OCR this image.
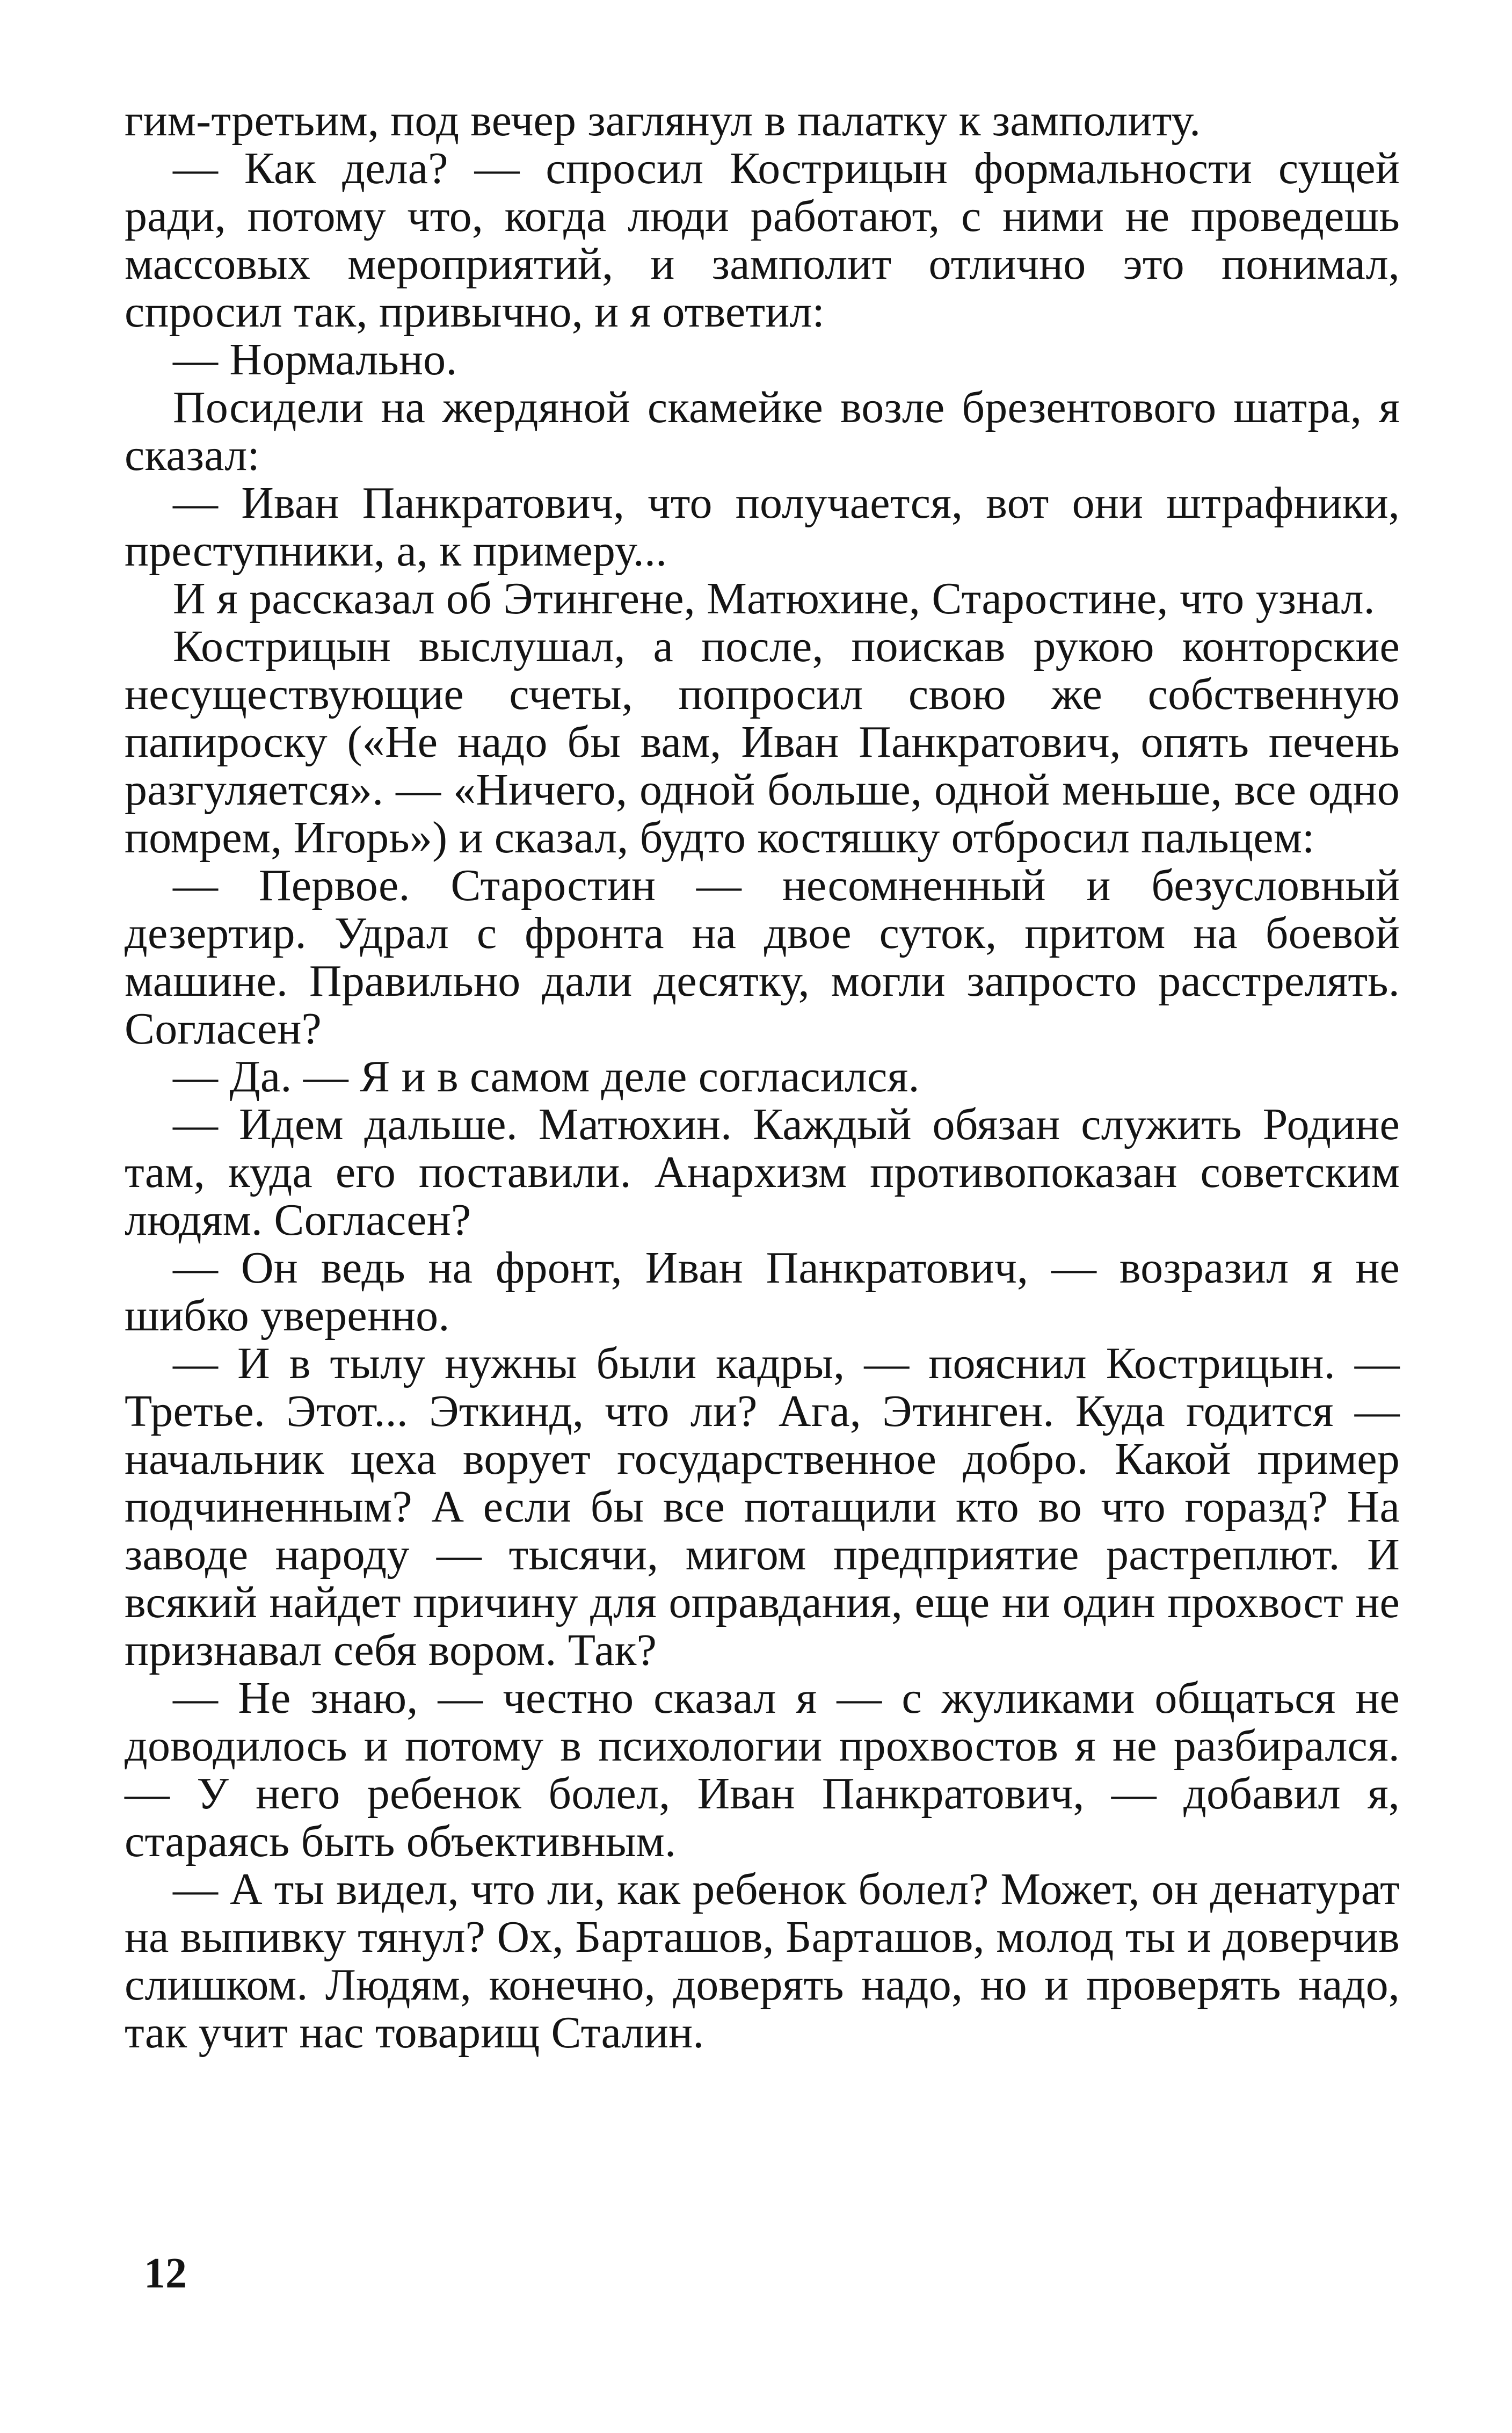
гим-третьим, под вечер заглянул в палатку к замполиту.

— Как дела? — спросил Кострицын формальности сущей ради, потому что, когда люди работают, с ними не проведешь массовых мероприятий, и замполит отлично это понимал, спросил так, привычно, и я ответил:

— Нормально.

Посидели на жердяной скамейке возле брезентового шатра, я сказал:

— Иван Панкратович, что получается, вот они штрафники, преступники, а, к примеру...

И я рассказал об Этингене, Матюхине, Старостине, что узнал.

Кострицын выслушал, а после, поискав рукою конторские несуществующие счеты, попросил свою же собственную папироску («Не надо бы вам, Иван Панкратович, опять печень разгуляется». — «Ничего, одной больше, одной меньше, все одно помрем, Игорь») и сказал, будто костяшку отбросил пальцем:

— Первое. Старостин — несомненный и безусловный дезертир. Удрал с фронта на двое суток, притом на боевой машине. Правильно дали десятку, могли запросто расстрелять. Согласен?

— Да. — Я и в самом деле согласился.

— Идем дальше. Матюхин. Каждый обязан служить Родине там, куда его поставили. Анархизм противопоказан советским людям. Согласен?

— Он ведь на фронт, Иван Панкратович, — возразил я не шибко уверенно.

— И в тылу нужны были кадры, — пояснил Кострицын. — Третье. Этот... Эткинд, что ли? Ага, Этинген. Куда годится — начальник цеха ворует государственное добро. Какой пример подчиненным? А если бы все потащили кто во что горазд? На заводе народу — тысячи, мигом предприятие растреплют. И всякий найдет причину для оправдания, еще ни один прохвост не признавал себя вором. Так?

— Не знаю, — честно сказал я — с жуликами общаться не доводилось и потому в психологии прохвостов я не разбирался. — У него ребенок болел, Иван Панкратович, — добавил я, стараясь быть объективным.

— А ты видел, что ли, как ребенок болел? Может, он денатурат на выпивку тянул? Ох, Барташов, Барташов, молод ты и доверчив слишком. Людям, конечно, доверять надо, но и проверять надо, так учит нас товарищ Сталин.

12
